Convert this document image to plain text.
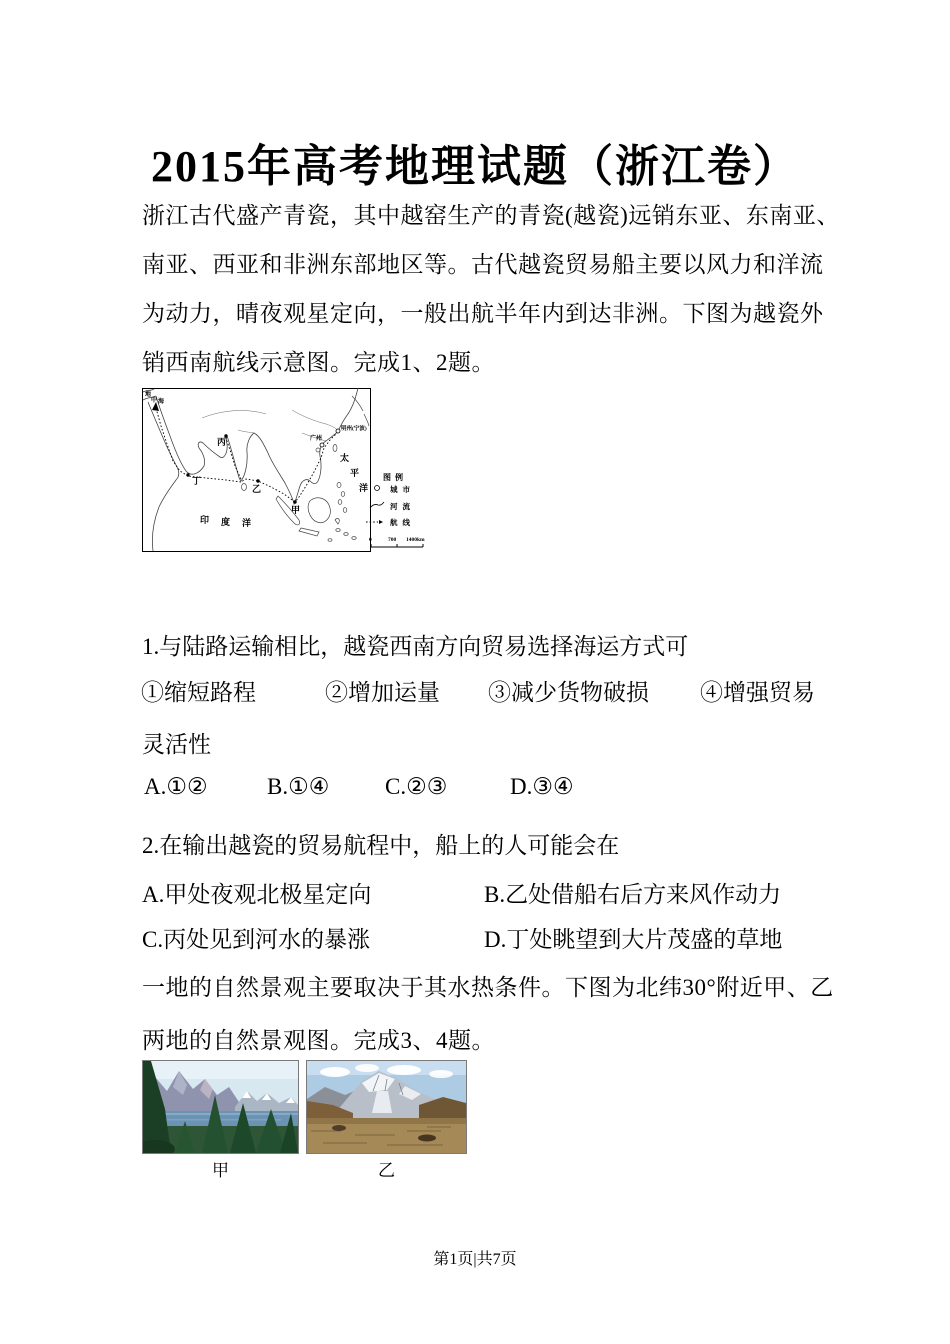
2015年高考地理试题（浙江卷）
浙江古代盛产青瓷，其中越窑生产的青瓷(越瓷)远销东亚、东南亚、
南亚、西亚和非洲东部地区等。古代越瓷贸易船主要以风力和洋流
为动力，晴夜观星定向，一般出航半年内到达非洲。下图为越瓷外
销西南航线示意图。完成1、2题。
明州(宁波)
广州
丙
丁
乙
甲
地
中 海
太
平
洋
印 度 洋
图例
城市
河流
航线
0	700 1400km
1.与陆路运输相比，越瓷西南方向贸易选择海运方式可
①缩短路程	②增加运量 ③减少货物破损 ④增强贸易
灵活性
A.①②	B.①④ C.②③	D.③④
2.在输出越瓷的贸易航程中，船上的人可能会在
A.甲处夜观北极星定向	B.乙处借船右后方来风作动力
C.丙处见到河水的暴涨	D.丁处眺望到大片茂盛的草地
一地的自然景观主要取决于其水热条件。下图为北纬30°附近甲、乙
两地的自然景观图。完成3、4题。
甲	乙
第1页|共7页
